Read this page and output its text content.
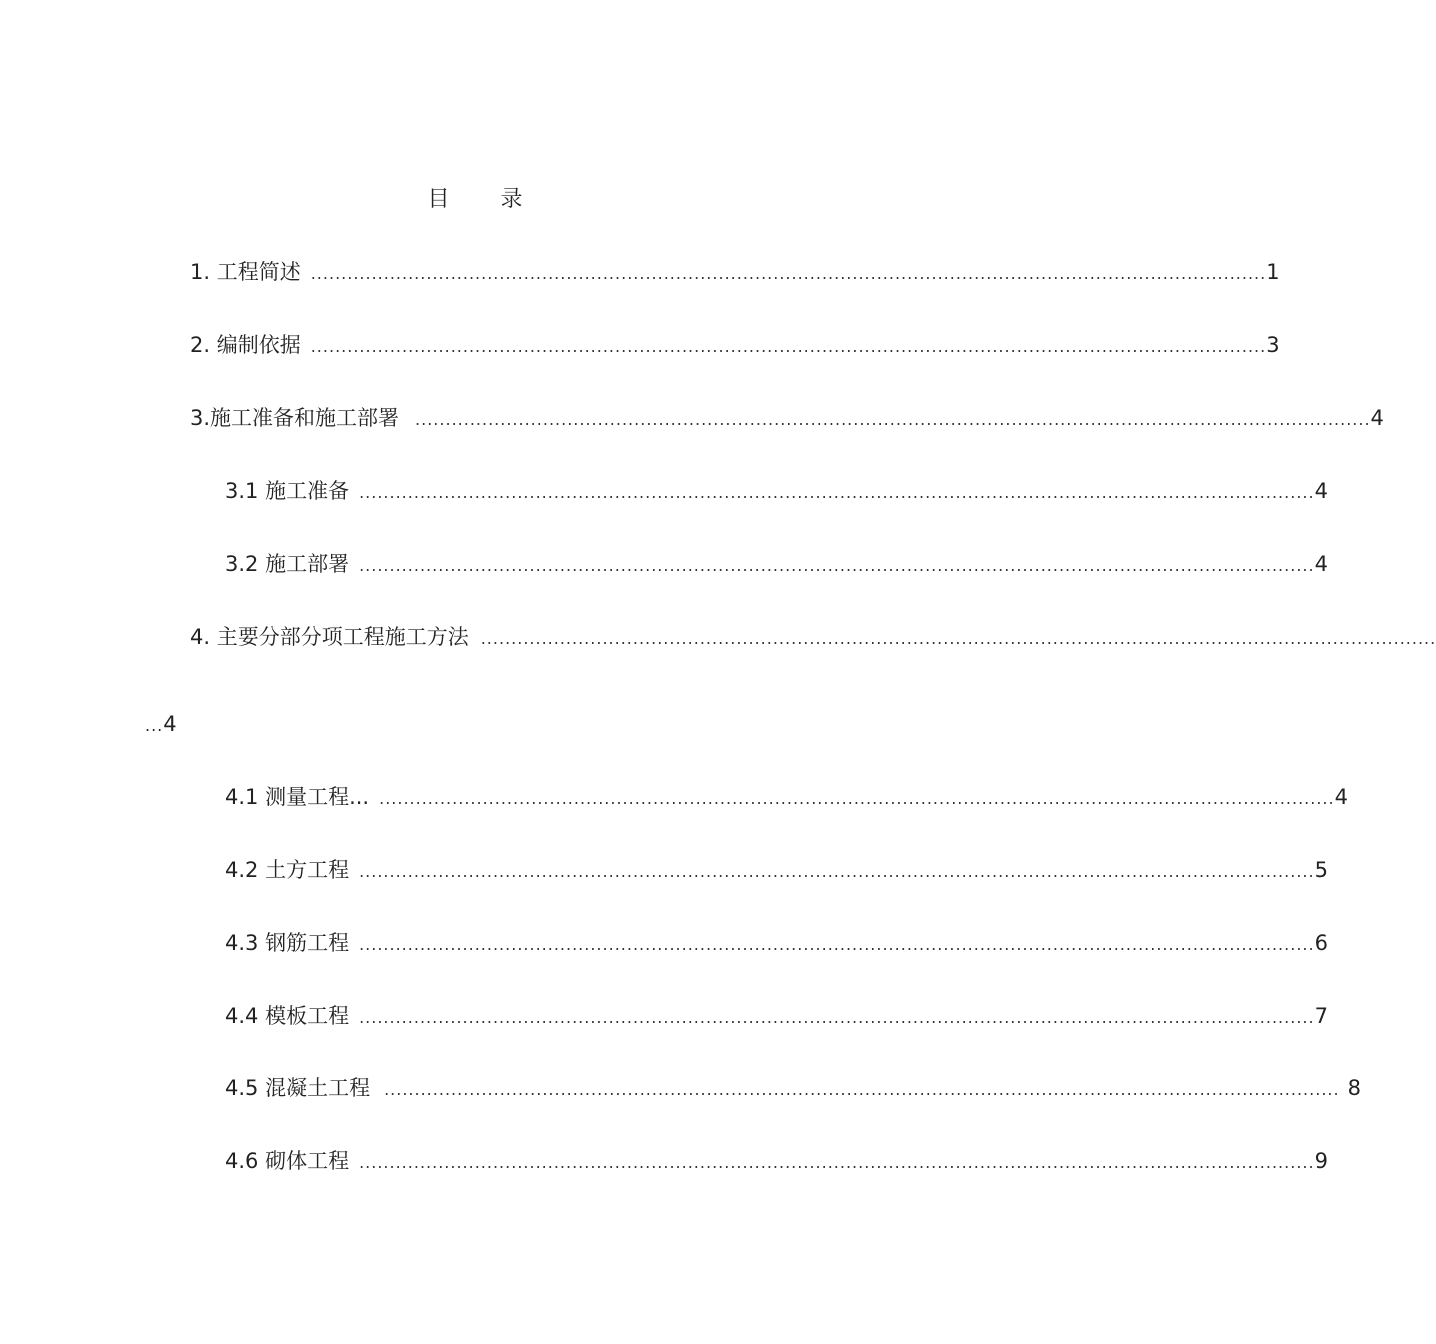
目 录
1. 工程简述 ............................................................................................................................................................. 1
2. 编制依据 ............................................................................................................................................................. 3
3.施工准备和施工部署 ............................................................................................................................................................. 4
3.1 施工准备 ............................................................................................................................................................. 4
3.2 施工部署 ............................................................................................................................................................. 4
4. 主要分部分项工程施工方法 .............................................................................................................................................................
...4
4.1 测量工程... ............................................................................................................................................................. 4
4.2 土方工程 ............................................................................................................................................................. 5
4.3 钢筋工程 ............................................................................................................................................................. 6
4.4 模板工程 ............................................................................................................................................................. 7
4.5 混凝土工程 ............................................................................................................................................................. 8
4.6 砌体工程 ............................................................................................................................................................. 9
